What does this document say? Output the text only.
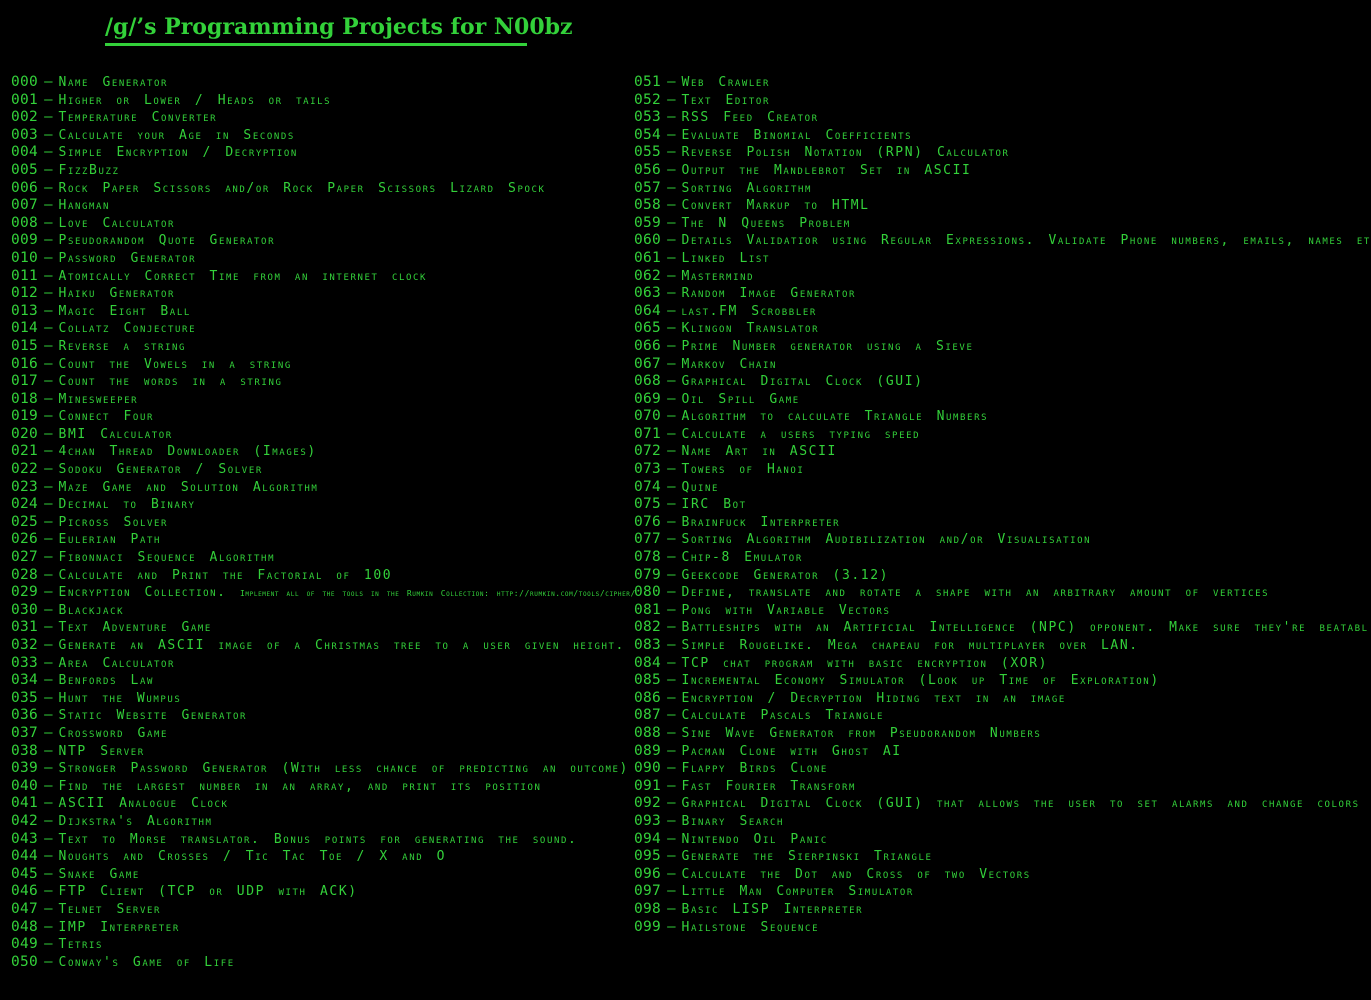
/g/’s Programming Projects for N00bz
000 – Name Generator
001 – Higher or Lower / Heads or tails
002 – Temperature Converter
003 – Calculate your Age in Seconds
004 – Simple Encryption / Decryption
005 – FizzBuzz
006 – Rock Paper Scissors and/or Rock Paper Scissors Lizard Spock
007 – Hangman
008 – Love Calculator
009 – Pseudorandom Quote Generator
010 – Password Generator
011 – Atomically Correct Time from an internet clock
012 – Haiku Generator
013 – Magic Eight Ball
014 – Collatz Conjecture
015 – Reverse a string
016 – Count the Vowels in a string
017 – Count the words in a string
018 – Minesweeper
019 – Connect Four
020 – BMI Calculator
021 – 4chan Thread Downloader (Images)
022 – Sodoku Generator / Solver
023 – Maze Game and Solution Algorithm
024 – Decimal to Binary
025 – Picross Solver
026 – Eulerian Path
027 – Fibonnaci Sequence Algorithm
028 – Calculate and Print the Factorial of 100
029 – Encryption Collection. Implement all of the tools in the Rumkin Collection: http://rumkin.com/tools/cipher/
030 – Blackjack
031 – Text Adventure Game
032 – Generate an ASCII image of a Christmas tree to a user given height.
033 – Area Calculator
034 – Benfords Law
035 – Hunt the Wumpus
036 – Static Website Generator
037 – Crossword Game
038 – NTP Server
039 – Stronger Password Generator (With less chance of predicting an outcome)
040 – Find the largest number in an array, and print its position
041 – ASCII Analogue Clock
042 – Dijkstra's Algorithm
043 – Text to Morse translator. Bonus points for generating the sound.
044 – Noughts and Crosses / Tic Tac Toe / X and O
045 – Snake Game
046 – FTP Client (TCP or UDP with ACK)
047 – Telnet Server
048 – IMP Interpreter
049 – Tetris
050 – Conway's Game of Life
051 – Web Crawler
052 – Text Editor
053 – RSS Feed Creator
054 – Evaluate Binomial Coefficients
055 – Reverse Polish Notation (RPN) Calculator
056 – Output the Mandlebrot Set in ASCII
057 – Sorting Algorithm
058 – Convert Markup to HTML
059 – The N Queens Problem
060 – Details Validatior using Regular Expressions. Validate Phone numbers, emails, names et
061 – Linked List
062 – Mastermind
063 – Random Image Generator
064 – last.FM Scrobbler
065 – Klingon Translator
066 – Prime Number generator using a Sieve
067 – Markov Chain
068 – Graphical Digital Clock (GUI)
069 – Oil Spill Game
070 – Algorithm to calculate Triangle Numbers
071 – Calculate a users typing speed
072 – Name Art in ASCII
073 – Towers of Hanoi
074 – Quine
075 – IRC Bot
076 – Brainfuck Interpreter
077 – Sorting Algorithm Audibilization and/or Visualisation
078 – Chip-8 Emulator
079 – Geekcode Generator (3.12)
080 – Define, translate and rotate a shape with an arbitrary amount of vertices
081 – Pong with Variable Vectors
082 – Battleships with an Artificial Intelligence (NPC) opponent. Make sure they're beatabl
083 – Simple Rougelike. Mega chapeau for multiplayer over LAN.
084 – TCP chat program with basic encryption (XOR)
085 – Incremental Economy Simulator (Look up Time of Exploration)
086 – Encryption / Decryption Hiding text in an image
087 – Calculate Pascals Triangle
088 – Sine Wave Generator from Pseudorandom Numbers
089 – Pacman Clone with Ghost AI
090 – Flappy Birds Clone
091 – Fast Fourier Transform
092 – Graphical Digital Clock (GUI) that allows the user to set alarms and change colors
093 – Binary Search
094 – Nintendo Oil Panic
095 – Generate the Sierpinski Triangle
096 – Calculate the Dot and Cross of two Vectors
097 – Little Man Computer Simulator
098 – Basic LISP Interpreter
099 – Hailstone Sequence
